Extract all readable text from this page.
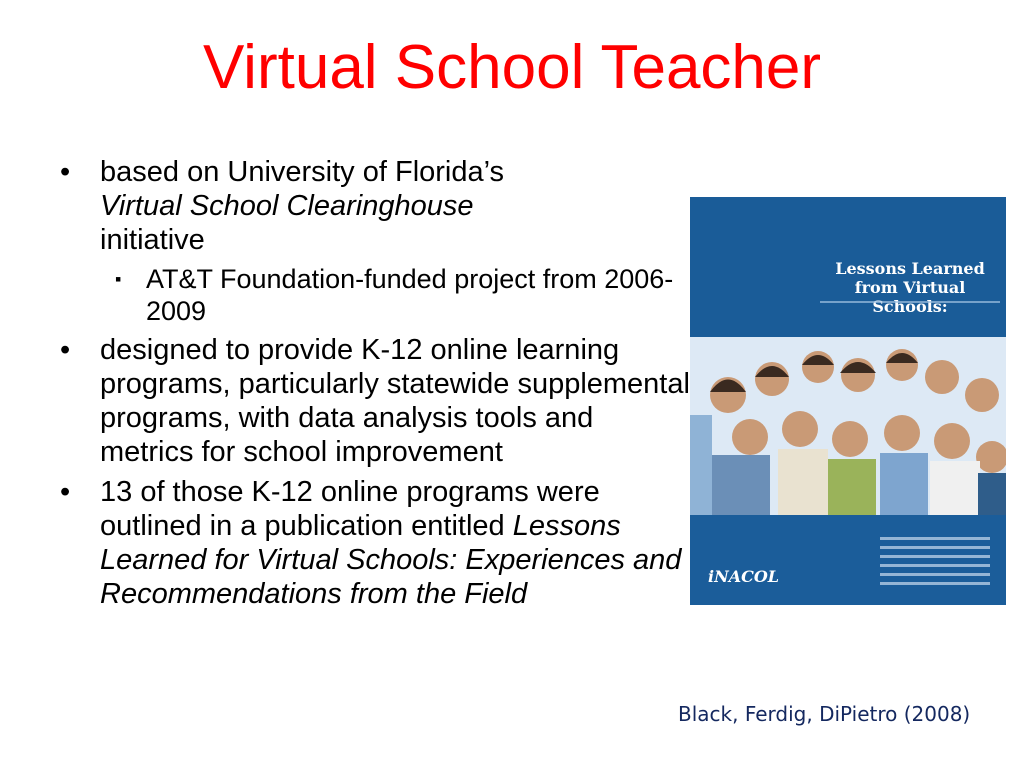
Virtual School Teacher
• based on University of Florida’s
Virtual School Clearinghouse
initiative
▪ AT&T Foundation-funded project from 2006-2009
• designed to provide K-12 online learning programs, particularly statewide supplemental programs, with data analysis tools and metrics for school improvement
• 13 of those K-12 online programs were outlined in a publication entitled Lessons Learned for Virtual Schools: Experiences and Recommendations from the Field
Lessons Learned from Virtual Schools:
iNACOL
Black, Ferdig, DiPietro (2008)
